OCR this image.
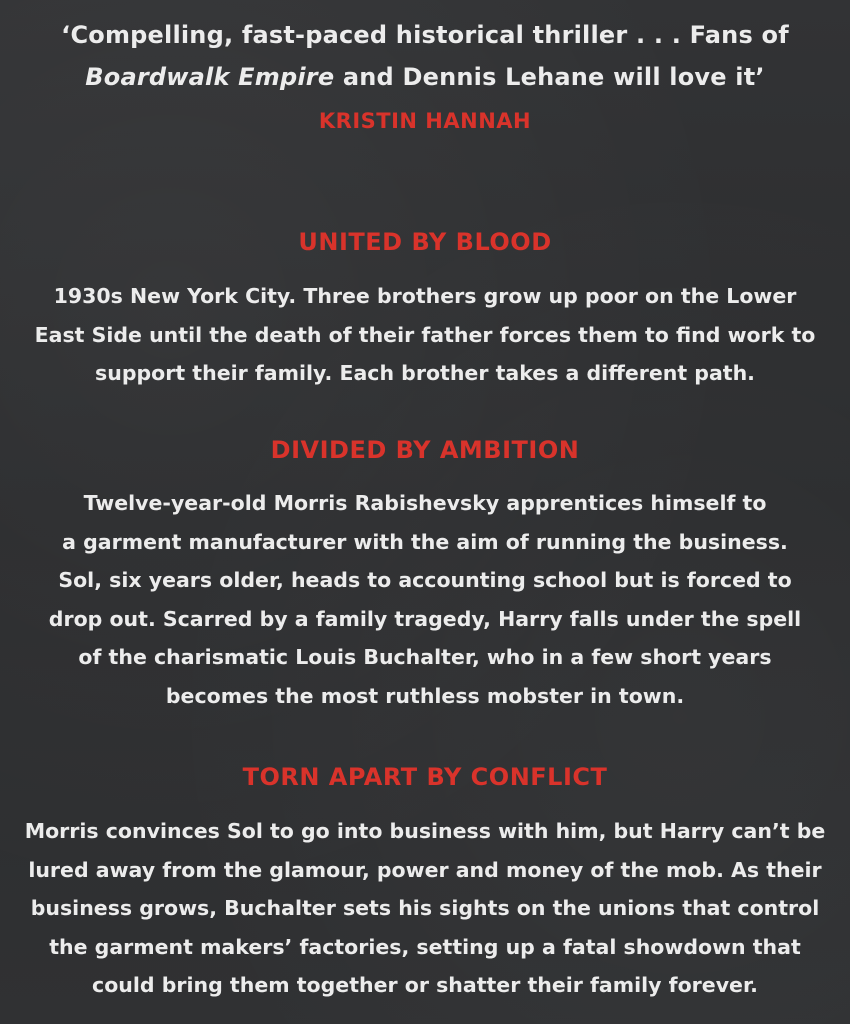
‘Compelling, fast-paced historical thriller . . . Fans of
Boardwalk Empire and Dennis Lehane will love it’
KRISTIN HANNAH
UNITED BY BLOOD
1930s New York City. Three brothers grow up poor on the Lower
East Side until the death of their father forces them to find work to
support their family. Each brother takes a different path.
DIVIDED BY AMBITION
Twelve-year-old Morris Rabishevsky apprentices himself to
a garment manufacturer with the aim of running the business.
Sol, six years older, heads to accounting school but is forced to
drop out. Scarred by a family tragedy, Harry falls under the spell
of the charismatic Louis Buchalter, who in a few short years
becomes the most ruthless mobster in town.
TORN APART BY CONFLICT
Morris convinces Sol to go into business with him, but Harry can’t be
lured away from the glamour, power and money of the mob. As their
business grows, Buchalter sets his sights on the unions that control
the garment makers’ factories, setting up a fatal showdown that
could bring them together or shatter their family forever.
